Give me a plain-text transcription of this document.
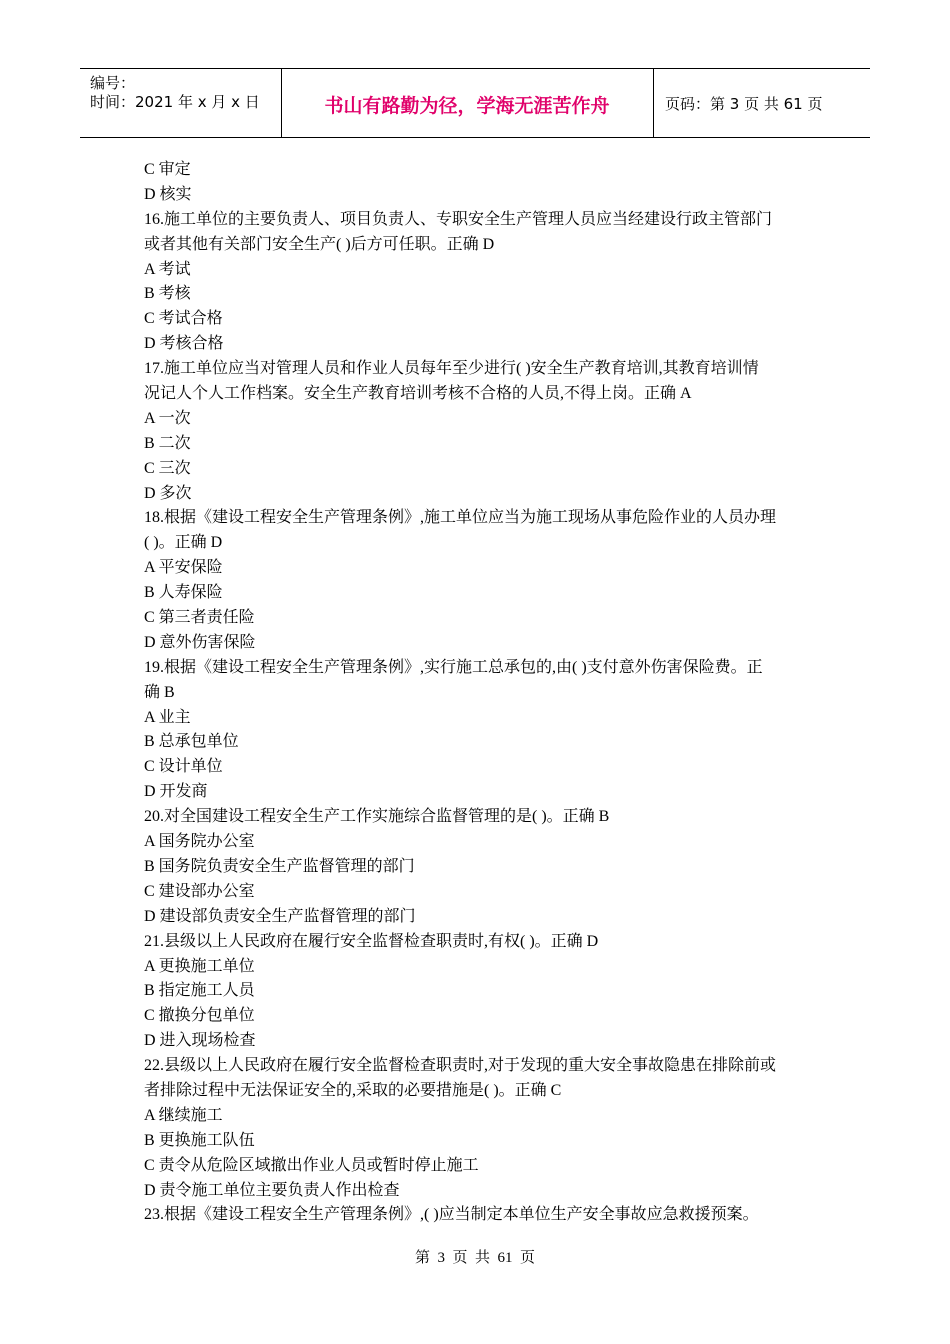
编号：
时间：2021 年 x 月 x 日	书山有路勤为径，学海无涯苦作舟	页码：第 3 页 共 61 页
C 审定
D 核实
16.施工单位的主要负责人、项目负责人、专职安全生产管理人员应当经建设行政主管部门
或者其他有关部门安全生产( )后方可任职。正确 D
A 考试
B 考核
C 考试合格
D 考核合格
17.施工单位应当对管理人员和作业人员每年至少进行( )安全生产教育培训,其教育培训情
况记人个人工作档案。安全生产教育培训考核不合格的人员,不得上岗。正确 A
A 一次
B 二次
C 三次
D 多次
18.根据《建设工程安全生产管理条例》,施工单位应当为施工现场从事危险作业的人员办理
( )。正确 D
A 平安保险
B 人寿保险
C 第三者责任险
D 意外伤害保险
19.根据《建设工程安全生产管理条例》,实行施工总承包的,由( )支付意外伤害保险费。正
确 B
A 业主
B 总承包单位
C 设计单位
D 开发商
20.对全国建设工程安全生产工作实施综合监督管理的是( )。正确 B
A 国务院办公室
B 国务院负责安全生产监督管理的部门
C 建设部办公室
D 建设部负责安全生产监督管理的部门
21.县级以上人民政府在履行安全监督检查职责时,有权( )。正确 D
A 更换施工单位
B 指定施工人员
C 撤换分包单位
D 进入现场检查
22.县级以上人民政府在履行安全监督检查职责时,对于发现的重大安全事故隐患在排除前或
者排除过程中无法保证安全的,采取的必要措施是( )。正确 C
A 继续施工
B 更换施工队伍
C 责令从危险区域撤出作业人员或暂时停止施工
D 责令施工单位主要负责人作出检查
23.根据《建设工程安全生产管理条例》,( )应当制定本单位生产安全事故应急救援预案。
第  3  页  共  61  页
